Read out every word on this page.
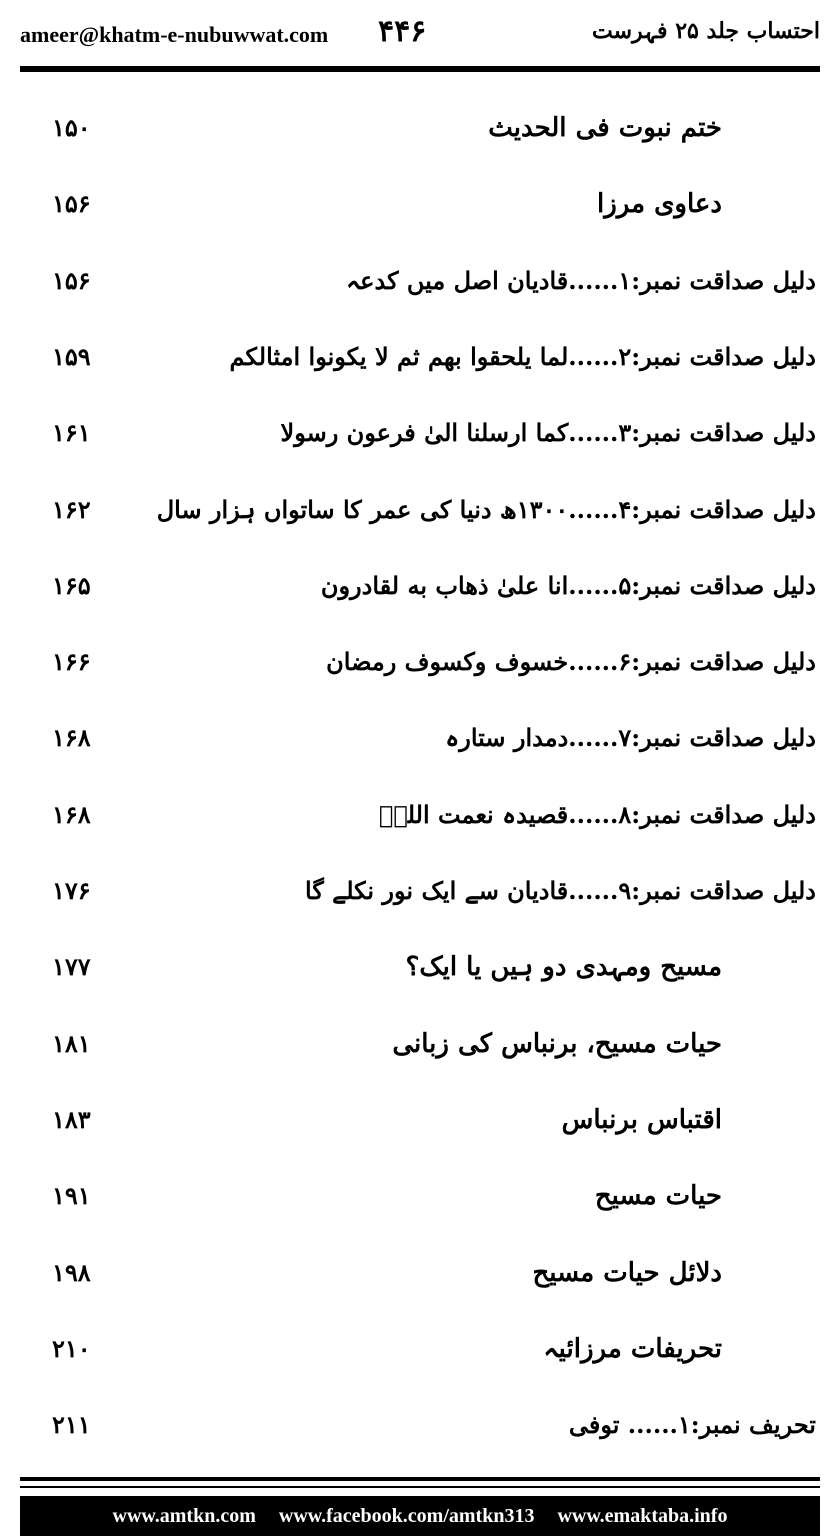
ameer@khatm-e-nubuwwat.com ۴۴۶	احتساب جلد ۲۵ فہرست
ختم نبوت فی الحدیث
۱۵۰
دعاوی مرزا
۱۵۶
دلیل صداقت نمبر:۱......قادیان اصل میں کدعہ
۱۵۶
دلیل صداقت نمبر:۲......لما یلحقوا بھم ثم لا یکونوا امثالکم
۱۵۹
دلیل صداقت نمبر:۳......کما ارسلنا الیٰ فرعون رسولا
۱۶۱
دلیل صداقت نمبر:۴......۱۳۰۰ھ دنیا کی عمر کا ساتواں ہزار سال
۱۶۲
دلیل صداقت نمبر:۵......انا علیٰ ذھاب به لقادرون
۱۶۵
دلیل صداقت نمبر:۶......خسوف وکسوف رمضان
۱۶۶
دلیل صداقت نمبر:۷......دمدار ستارہ
۱۶۸
دلیل صداقت نمبر:۸......قصیدہ نعمت اللہؒ
۱۶۸
دلیل صداقت نمبر:۹......قادیان سے ایک نور نکلے گا
۱۷۶
مسیح ومہدی دو ہیں یا ایک؟
۱۷۷
حیات مسیح، برنباس کی زبانی
۱۸۱
اقتباس برنباس
۱۸۳
حیات مسیح
۱۹۱
دلائل حیات مسیح
۱۹۸
تحریفات مرزائیہ
۲۱۰
تحریف نمبر:۱...... توفی
۲۱۱
www.amtkn.com www.facebook.com/amtkn313 www.emaktaba.info
